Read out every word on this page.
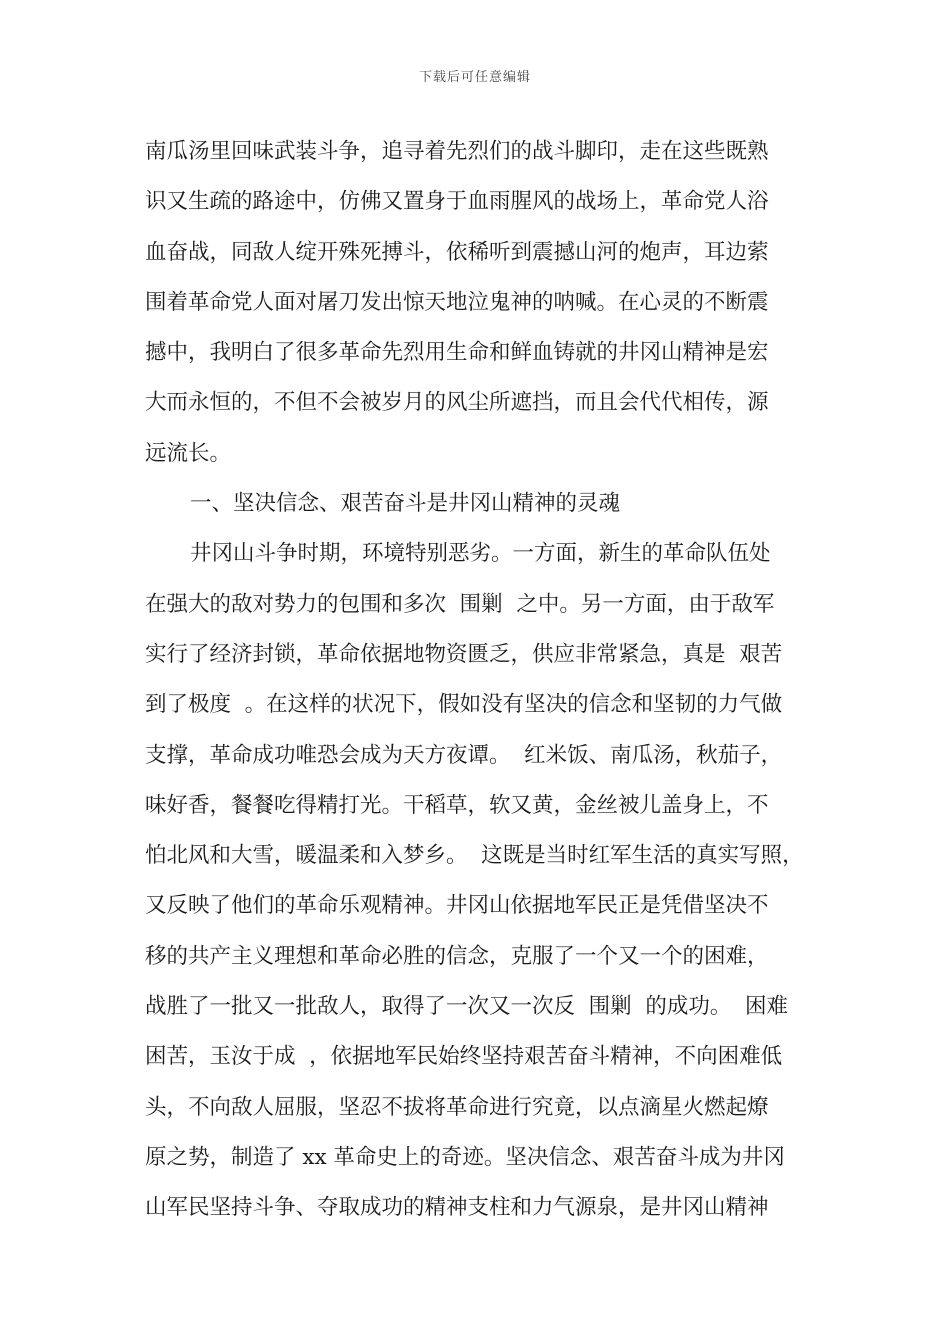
下载后可任意编辑
南瓜汤里回味武装斗争，追寻着先烈们的战斗脚印，走在这些既熟
识又生疏的路途中，仿佛又置身于血雨腥风的战场上，革命党人浴
血奋战，同敌人绽开殊死搏斗，依稀听到震撼山河的炮声，耳边萦
围着革命党人面对屠刀发出惊天地泣鬼神的呐喊。在心灵的不断震
撼中，我明白了很多革命先烈用生命和鲜血铸就的井冈山精神是宏
大而永恒的，不但不会被岁月的风尘所遮挡，而且会代代相传，源
远流长。
一、坚决信念、艰苦奋斗是井冈山精神的灵魂
井冈山斗争时期，环境特别恶劣。一方面，新生的革命队伍处
在强大的敌对势力的包围和多次  围剿  之中。另一方面，由于敌军
实行了经济封锁，革命依据地物资匮乏，供应非常紧急，真是  艰苦
到了极度  。在这样的状况下，假如没有坚决的信念和坚韧的力气做
支撑，革命成功唯恐会成为天方夜谭。  红米饭、南瓜汤，秋茄子，
味好香，餐餐吃得精打光。干稻草，软又黄，金丝被儿盖身上，不
怕北风和大雪，暖温柔和入梦乡。  这既是当时红军生活的真实写照，
又反映了他们的革命乐观精神。井冈山依据地军民正是凭借坚决不
移的共产主义理想和革命必胜的信念，克服了一个又一个的困难，
战胜了一批又一批敌人，取得了一次又一次反  围剿  的成功。  困难
困苦，玉汝于成  ，依据地军民始终坚持艰苦奋斗精神，不向困难低
头，不向敌人屈服，坚忍不拔将革命进行究竟，以点滴星火燃起燎
原之势，制造了 xx 革命史上的奇迹。坚决信念、艰苦奋斗成为井冈
山军民坚持斗争、夺取成功的精神支柱和力气源泉，是井冈山精神
